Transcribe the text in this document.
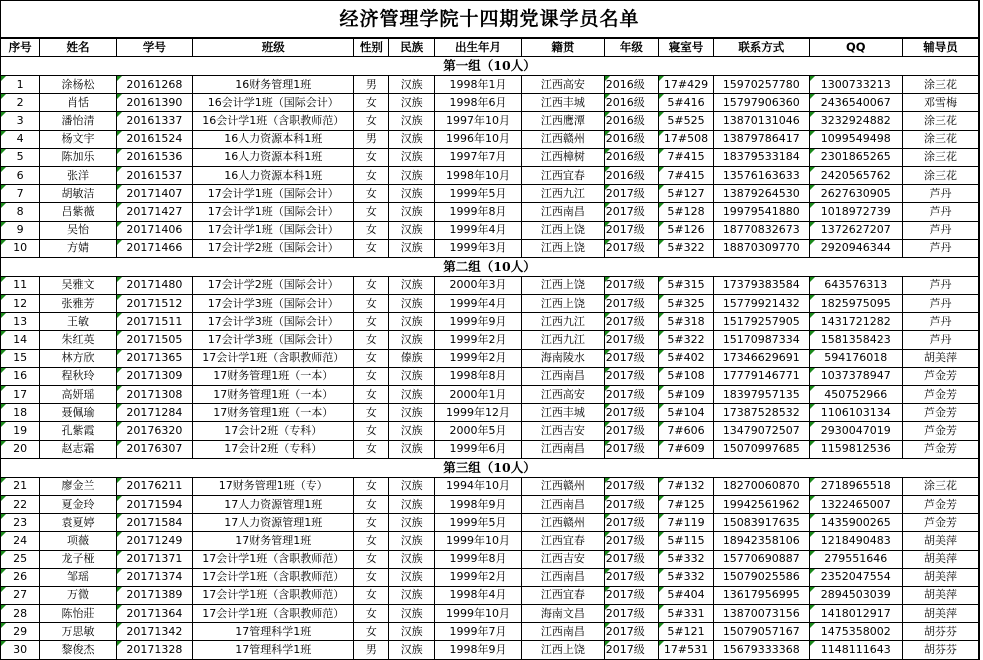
经济管理学院十四期党课学员名单												
序号	姓名	学号	班级	性别	民族	出生年月	籍贯	年级	寝室号	联系方式	QQ	辅导员
第一组（10人）												
1	涂杨松	20161268	16财务管理1班	男	汉族	1998年1月	江西高安	2016级	17#429	15970257780	1300733213	涂三花
2	肖恬	20161390	16会计学1班（国际会计）	女	汉族	1998年6月	江西丰城	2016级	5#416	15797906360	2436540067	邓雪梅
3	潘怡清	20161337	16会计学1班（含职教师范）	女	汉族	1997年10月	江西鹰潭	2016级	5#525	13870131046	3232924882	涂三花
4	杨文宇	20161524	16人力资源本科1班	男	汉族	1996年10月	江西赣州	2016级	17#508	13879786417	1099549498	涂三花
5	陈加乐	20161536	16人力资源本科1班	女	汉族	1997年7月	江西樟树	2016级	7#415	18379533184	2301865265	涂三花
6	张洋	20161537	16人力资源本科1班	女	汉族	1998年10月	江西宜春	2016级	7#415	13576163633	2420565762	涂三花
7	胡敏洁	20171407	17会计学1班（国际会计）	女	汉族	1999年5月	江西九江	2017级	5#127	13879264530	2627630905	芦丹
8	吕紫薇	20171427	17会计学1班（国际会计）	女	汉族	1999年8月	江西南昌	2017级	5#128	19979541880	1018972739	芦丹
9	吴怡	20171406	17会计学1班（国际会计）	女	汉族	1999年4月	江西上饶	2017级	5#126	18770832673	1372627207	芦丹
10	方婧	20171466	17会计学2班（国际会计）	女	汉族	1999年3月	江西上饶	2017级	5#322	18870309770	2920946344	芦丹
第二组（10人）												
11	吴雅文	20171480	17会计学2班（国际会计）	女	汉族	2000年3月	江西上饶	2017级	5#315	17379383584	643576313	芦丹
12	张雅芳	20171512	17会计学3班（国际会计）	女	汉族	1999年4月	江西上饶	2017级	5#325	15779921432	1825975095	芦丹
13	王敏	20171511	17会计学3班（国际会计）	女	汉族	1999年9月	江西九江	2017级	5#318	15179257905	1431721282	芦丹
14	朱红英	20171505	17会计学3班（国际会计）	女	汉族	1999年2月	江西九江	2017级	5#322	15170987334	1581358423	芦丹
15	林方欣	20171365	17会计学1班（含职教师范）	女	傣族	1999年2月	海南陵水	2017级	5#402	17346629691	594176018	胡美萍
16	程秋玲	20171309	17财务管理1班（一本）	女	汉族	1998年8月	江西南昌	2017级	5#108	17779146771	1037378947	芦金芳
17	高妍瑶	20171308	17财务管理1班（一本）	女	汉族	2000年1月	江西高安	2017级	5#109	18397957135	450752966	芦金芳
18	聂佩瑜	20171284	17财务管理1班（一本）	女	汉族	1999年12月	江西丰城	2017级	5#104	17387528532	1106103134	芦金芳
19	孔紫霞	20176320	17会计2班（专科）	女	汉族	2000年5月	江西吉安	2017级	7#606	13479072507	2930047019	芦金芳
20	赵志霜	20176307	17会计2班（专科）	女	汉族	1999年6月	江西南昌	2017级	7#609	15070997685	1159812536	芦金芳
第三组（10人）												
21	廖金兰	20176211	17财务管理1班（专）	女	汉族	1994年10月	江西赣州	2017级	7#132	18270060870	2718965518	涂三花
22	夏金玲	20171594	17人力资源管理1班	女	汉族	1998年9月	江西南昌	2017级	7#125	19942561962	1322465007	芦金芳
23	袁夏婷	20171584	17人力资源管理1班	女	汉族	1999年5月	江西赣州	2017级	7#119	15083917635	1435900265	芦金芳
24	项薇	20171249	17财务管理1班	女	汉族	1999年10月	江西宜春	2017级	5#115	18942358106	1218490483	胡美萍
25	龙子桠	20171371	17会计学1班（含职教师范）	女	汉族	1999年8月	江西吉安	2017级	5#332	15770690887	279551646	胡美萍
26	邹瑶	20171374	17会计学1班（含职教师范）	女	汉族	1999年2月	江西南昌	2017级	5#332	15079025586	2352047554	胡美萍
27	万微	20171389	17会计学1班（含职教师范）	女	汉族	1998年4月	江西宜春	2017级	5#404	13617956995	2894503039	胡美萍
28	陈怡莊	20171364	17会计学1班（含职教师范）	女	汉族	1999年10月	海南文昌	2017级	5#331	13870073156	1418012917	胡美萍
29	万思敏	20171342	17管理科学1班	女	汉族	1999年7月	江西南昌	2017级	5#121	15079057167	1475358002	胡芬芬
30	黎俊杰	20171328	17管理科学1班	男	汉族	1998年9月	江西上饶	2017级	17#531	15679333368	1148111643	胡芬芬
